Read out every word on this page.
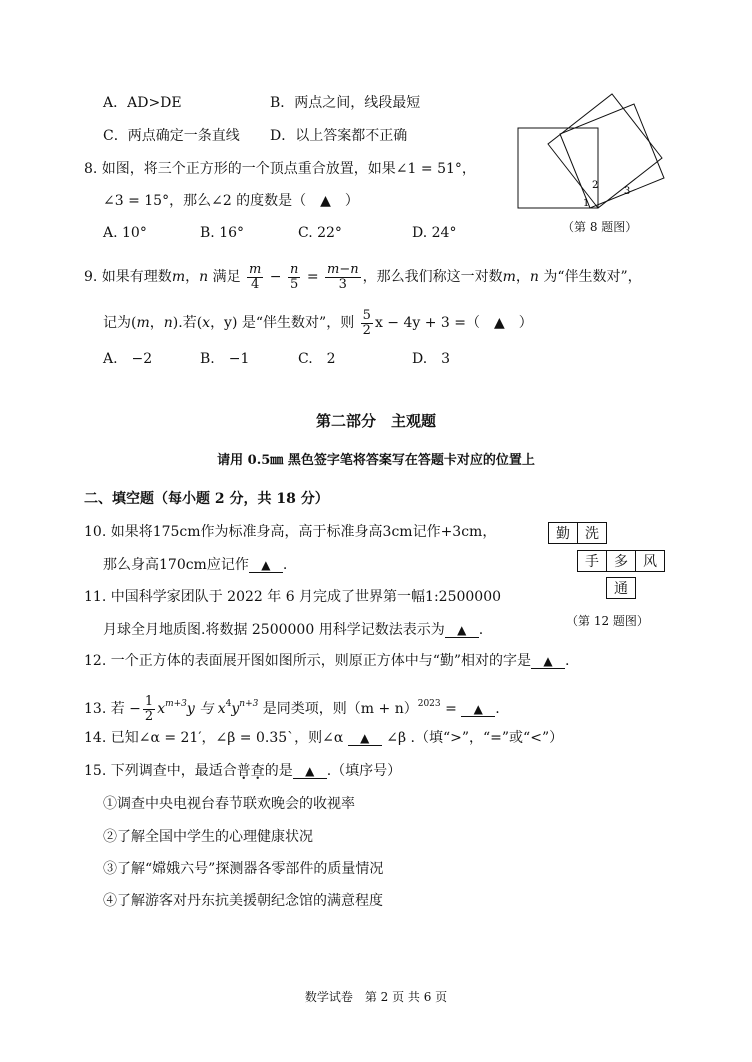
A．AD>DE	B．两点之间，线段最短
C．两点确定一条直线 D．以上答案都不正确
8. 如图，将三个正方形的一个顶点重合放置，如果∠1 = 51°，
∠3 = 15°，那么∠2 的度数是（　▲　）
A. 10°	B. 16°	C. 22°	D. 24°
1
2
3
（第 8 题图）
9. 如果有理数m，n 满足 $\frac{m}{4} - \frac{n}{5} = \frac{m-n}{3}$ ，那么我们称这一对数m，n 为“伴生数对”，
记为(m，n).若(x，y) 是“伴生数对”，则 $\frac{5}{2}$ x − 4y + 3 =（　▲　）
A.　−2	B.　−1	C.　2	D.　3
第二部分　主观题
请用 0.5㎜ 黑色签字笔将答案写在答题卡对应的位置上
二、填空题（每小题 2 分，共 18 分）
10. 如果将175cm作为标准身高，高于标准身高3cm记作+3cm，
那么身高170cm应记作 ▲ .
勤	洗
手	多	风
通
（第 12 题图）
11. 中国科学家团队于 2022 年 6 月完成了世界第一幅1:2500000
月球全月地质图.将数据 2500000 用科学记数法表示为 ▲ .
12. 一个正方体的表面展开图如图所示，则原正方体中与“勤”相对的字是 ▲ .
13. 若 − $\frac{1}{2} x^{m+3}y$ 与 $x^4y^{n+3}$ 是同类项，则$(m + n)^{2023}$ = ▲ .
14. 已知∠α = 21′，∠β = 0.35`，则∠α ▲ ∠β .（填“>”，“=”或“<”）
15. 下列调查中，最适合普查的是 ▲ .（填序号）
①调查中央电视台春节联欢晚会的收视率
②了解全国中学生的心理健康状况
③了解“嫦娥六号”探测器各零部件的质量情况
④了解游客对丹东抗美援朝纪念馆的满意程度
数学试卷　第 2 页 共 6 页
